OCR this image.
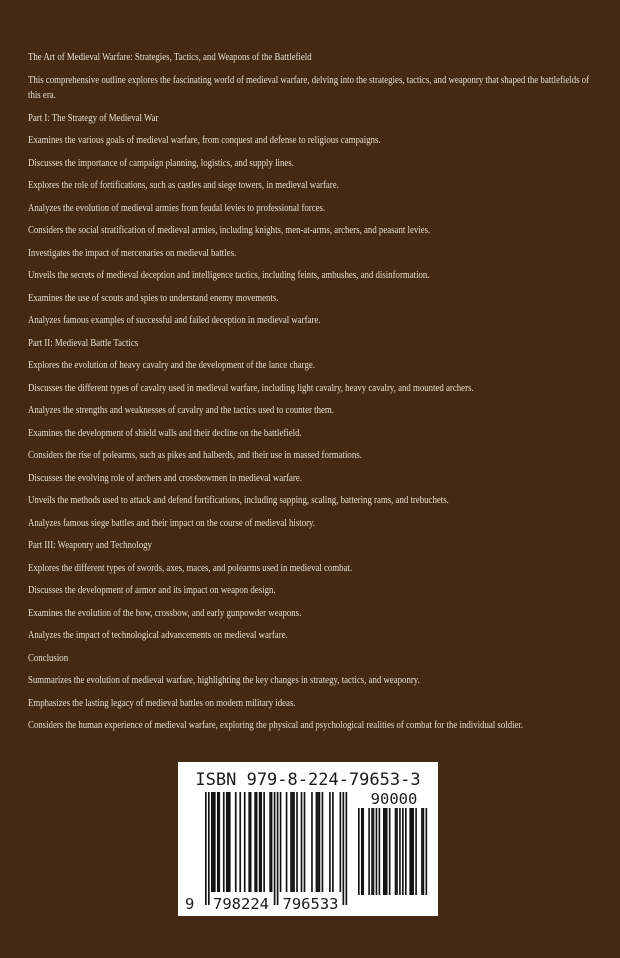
The Art of Medieval Warfare: Strategies, Tactics, and Weapons of the Battlefield

This comprehensive outline explores the fascinating world of medieval warfare, delving into the strategies, tactics, and weaponry that shaped the battlefields of this era.

Part I: The Strategy of Medieval War

Examines the various goals of medieval warfare, from conquest and defense to religious campaigns.

Discusses the importance of campaign planning, logistics, and supply lines.

Explores the role of fortifications, such as castles and siege towers, in medieval warfare.

Analyzes the evolution of medieval armies from feudal levies to professional forces.

Considers the social stratification of medieval armies, including knights, men-at-arms, archers, and peasant levies.

Investigates the impact of mercenaries on medieval battles.

Unveils the secrets of medieval deception and intelligence tactics, including feints, ambushes, and disinformation.

Examines the use of scouts and spies to understand enemy movements.

Analyzes famous examples of successful and failed deception in medieval warfare.

Part II: Medieval Battle Tactics

Explores the evolution of heavy cavalry and the development of the lance charge.

Discusses the different types of cavalry used in medieval warfare, including light cavalry, heavy cavalry, and mounted archers.

Analyzes the strengths and weaknesses of cavalry and the tactics used to counter them.

Examines the development of shield walls and their decline on the battlefield.

Considers the rise of polearms, such as pikes and halberds, and their use in massed formations.

Discusses the evolving role of archers and crossbowmen in medieval warfare.

Unveils the methods used to attack and defend fortifications, including sapping, scaling, battering rams, and trebuchets.

Analyzes famous siege battles and their impact on the course of medieval history.

Part III: Weaponry and Technology

Explores the different types of swords, axes, maces, and polearms used in medieval combat.

Discusses the development of armor and its impact on weapon design.

Examines the evolution of the bow, crossbow, and early gunpowder weapons.

Analyzes the impact of technological advancements on medieval warfare.

Conclusion

Summarizes the evolution of medieval warfare, highlighting the key changes in strategy, tactics, and weaponry.

Emphasizes the lasting legacy of medieval battles on modern military ideas.

Considers the human experience of medieval warfare, exploring the physical and psychological realities of combat for the individual soldier.

ISBN 979-8-224-79653-3
9 798224 796533
90000
